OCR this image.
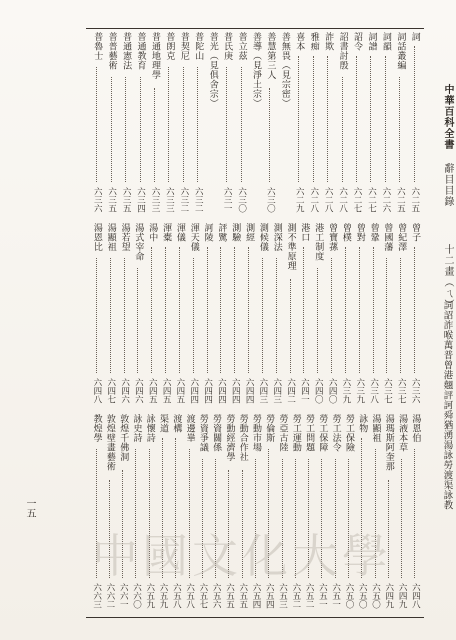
中華百科全書
辭目目錄
十二畫（ㄟ）
詞詔詐喉萬普曾港翹評訶舜猶湧湯詠勞渡渠詠教
詞
六二五
詞話叢編
六二五
詞韻
六二六
詞譜
六二七
詔令
六二七
詔書討殷
六二八
詐欺
六二八
雅痴
六二八
喜本
六二九
善無畏（見宗密）
善慧第三人
六三〇
善導（見淨土宗）
普立茲
六三〇
普氏庚
六三一
普光（見俱舍宗）
普陀山
六三二
普契尼
六三二
普朗克
六三三
普通地理學
六三三
普通教育
六三四
普通憲法
六三五
普普藝術
六三五
普魯士
六三六
曾子
六三六
曾紀澤
六三七
曾國藩
六三七
曾鞏
六三八
曾對
六三九
曾樸
六三九
曾寶蓀
六四〇
港工制度
六四〇
港口
六四一
測不準原理
六四二
測深法
六四三
測候儀
六四三
測經
六四四
測驗
六四四
評騭
六四四
訶陵
六四四
渾天儀
六四四
渾儀
六四五
渾橐
六四五
湯中
六四五
湯式宰命
六四六
湯若望
六四六
湯顯祖
六四七
湯恩比
六四八
湯恩伯
六四八
湯液本草
六四九
湯瑪斯阿奎那
六四九
湯顯祖
六五〇
詠物
六五〇
勞工保險
六五〇
勞工法令
六五一
勞工保障
六五一
勞工問題
六五二
勞工運動
六五二
勞亞古陸
六五三
勞倫斯
六五四
勞動市場
六五四
勞動合作社
六五五
勞動經濟學
六五五
勞資關係
六五六
勞資爭議
六五七
渡邊崋
六五八
渡構
六五八
渠道
六五九
詠懷詩
六五九
詠史詩
六六〇
敦煌千佛洞
六六一
敦煌壁畫藝術
六六二
教煌學
六六三
一五
中國文化大學
